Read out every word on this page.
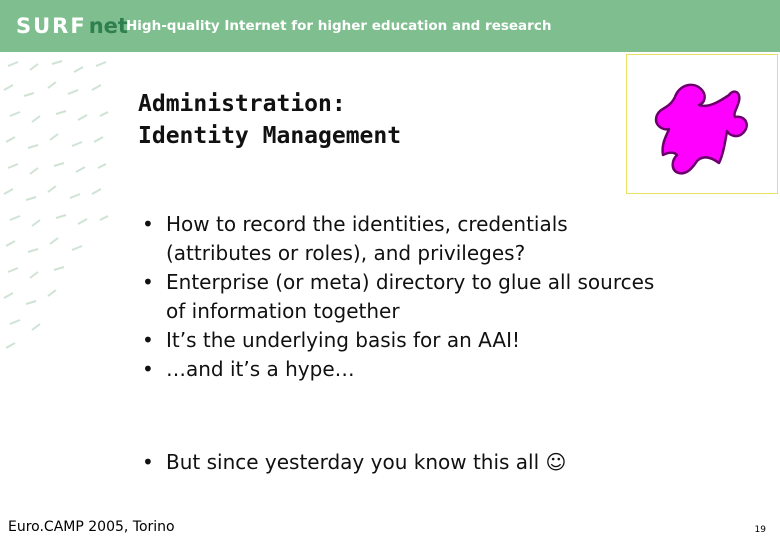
SURFnet
High-quality Internet for higher education and research
Administration:
Identity Management
• How to record the identities, credentials
(attributes or roles), and privileges?
• Enterprise (or meta) directory to glue all sources
of information together
• It’s the underlying basis for an AAI!
• …and it’s a hype…
• But since yesterday you know this all ☺
Euro.CAMP 2005, Torino	19
